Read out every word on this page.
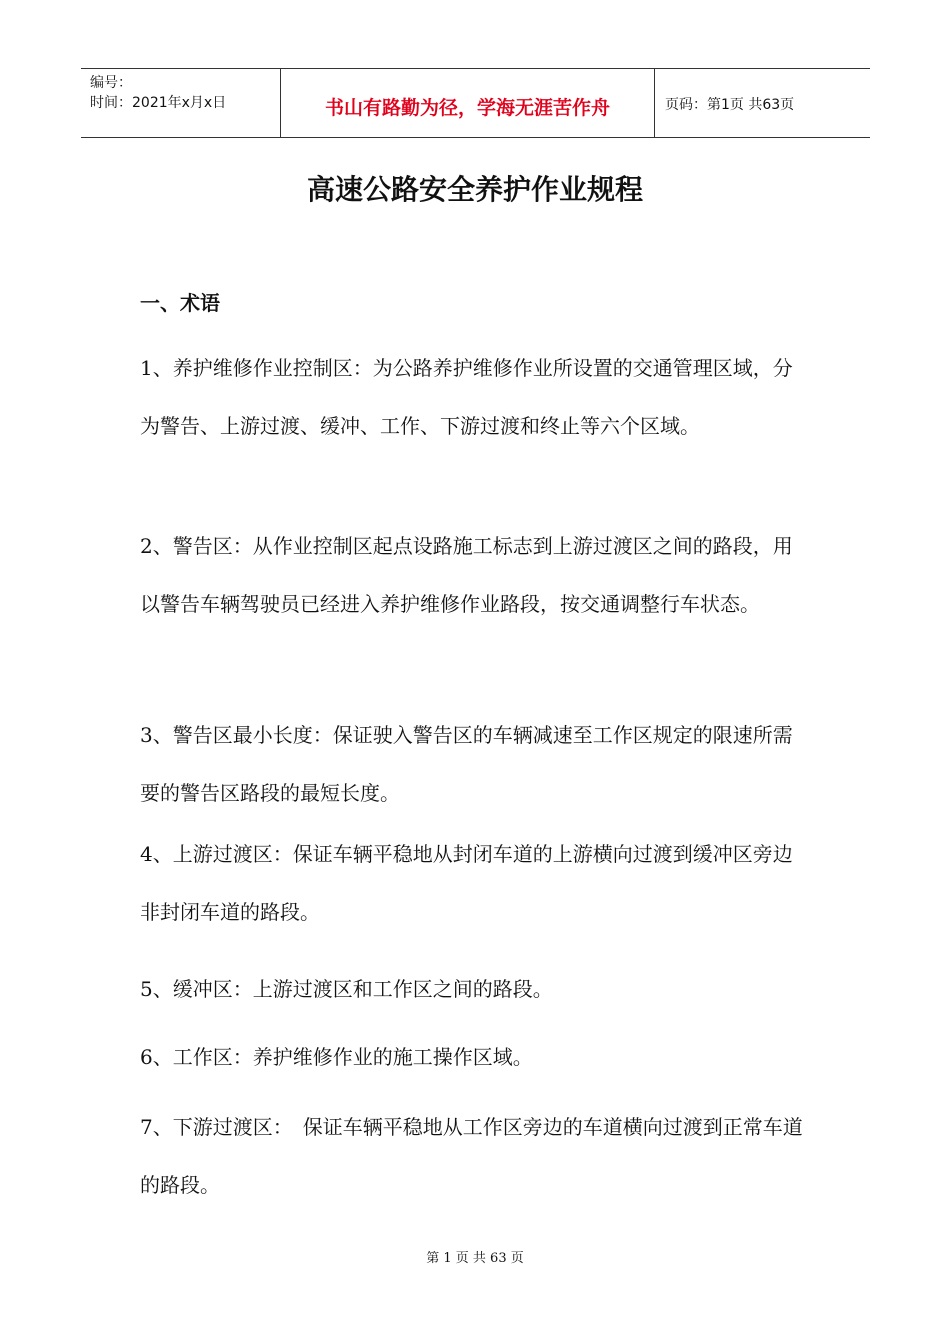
编号：
时间：2021年x月x日	书山有路勤为径，学海无涯苦作舟	页码：第1页 共63页
高速公路安全养护作业规程
一、术语

1、养护维修作业控制区：为公路养护维修作业所设置的交通管理区域，分为警告、上游过渡、缓冲、工作、下游过渡和终止等六个区域。

2、警告区：从作业控制区起点设路施工标志到上游过渡区之间的路段，用以警告车辆驾驶员已经进入养护维修作业路段，按交通调整行车状态。

3、警告区最小长度：保证驶入警告区的车辆减速至工作区规定的限速所需要的警告区路段的最短长度。

4、上游过渡区：保证车辆平稳地从封闭车道的上游横向过渡到缓冲区旁边非封闭车道的路段。

5、缓冲区：上游过渡区和工作区之间的路段。

6、工作区：养护维修作业的施工操作区域。

7、下游过渡区：　保证车辆平稳地从工作区旁边的车道横向过渡到正常车道的路段。

第 1 页 共 63 页
